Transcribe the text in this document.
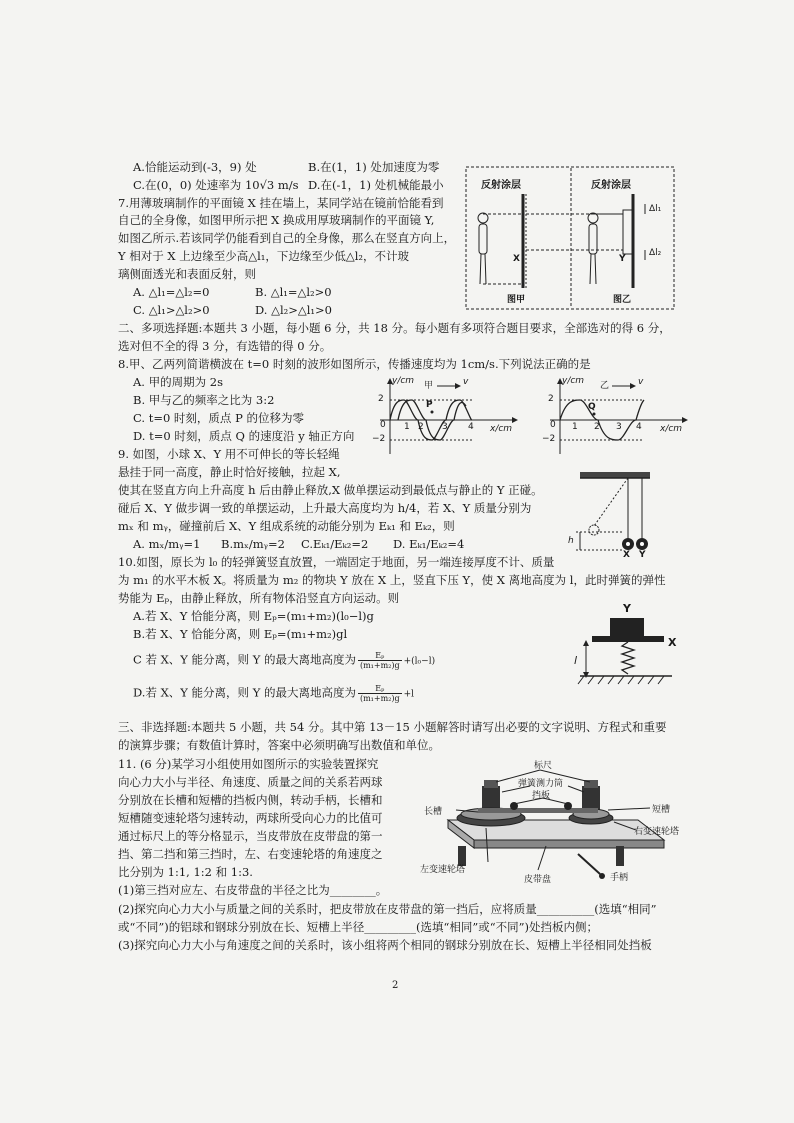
A.恰能运动到(-3，9) 处	B.在(1，1) 处加速度为零
C.在(0，0) 处速率为 10√3 m/s D.在(-1，1) 处机械能最小
7.用薄玻璃制作的平面镜 X 挂在墙上，某同学站在镜前恰能看到
自己的全身像，如图甲所示把 X 换成用厚玻璃制作的平面镜 Y,
如图乙所示.若该同学仍能看到自己的全身像，那么在竖直方向上，
Y 相对于 X 上边缘至少高△l₁，下边缘至少低△l₂，不计玻
璃侧面透光和表面反射，则
A. △l₁=△l₂=0	B. △l₁=△l₂>0
C. △l₁>△l₂>0	D. △l₂>△l₁>0
反射涂层	反射涂层
X	Y
Δl₁
Δl₂
图甲	图乙
二、多项选择题:本题共 3 小题，每小题 6 分，共 18 分。每小题有多项符合题目要求，全部选对的得 6 分，
选对但不全的得 3 分，有选错的得 0 分。
8.甲、乙两列简谐横波在 t=0 时刻的波形如图所示，传播速度均为 1cm/s.下列说法正确的是
A. 甲的周期为 2s
B. 甲与乙的频率之比为 3:2
C. t=0 时刻，质点 P 的位移为零
D. t=0 时刻，质点 Q 的速度沿 y 轴正方向
y/cm 甲	v
P
x/cm
2
−2
0 1 2 3 4
y/cm 乙	v
Q
x/cm
2
−2
0 1 2 3 4
9. 如图，小球 X、Y 用不可伸长的等长轻绳
悬挂于同一高度，静止时恰好接触，拉起 X,
使其在竖直方向上升高度 h 后由静止释放,X 做单摆运动到最低点与静止的 Y 正碰。
碰后 X、Y 做步调一致的单摆运动，上升最大高度均为 h/4，若 X、Y 质量分别为
mₓ 和 mᵧ，碰撞前后 X、Y 组成系统的动能分别为 Eₖ₁ 和 Eₖ₂，则
A. mₓ/mᵧ=1 B.mₓ/mᵧ=2 C.Eₖ₁/Eₖ₂=2 D. Eₖ₁/Eₖ₂=4	h
X Y
10.如图，原长为 l₀ 的轻弹簧竖直放置，一端固定于地面，另一端连接厚度不计、质量
为 m₁ 的水平木板 X。将质量为 m₂ 的物块 Y 放在 X 上，竖直下压 Y，使 X 离地高度为 l，此时弹簧的弹性
势能为 Eₚ，由静止释放，所有物体沿竖直方向运动。则
A.若 X、Y 恰能分离，则 Eₚ=(m₁+m₂)(l₀−l)g
B.若 X、Y 恰能分离，则 Eₚ=(m₁+m₂)gl
C 若 X、Y 能分离，则 Y 的最大离地高度为 $\frac{\text{Eₚ}}{\text{(m₁+m₂)g}} +(l_0-l)$
D.若 X、Y 能分离，则 Y 的最大离地高度为 $\frac{\text{Eₚ}}{\text{(m₁+m₂)g}} +l$
Y
X
l
三、非选择题:本题共 5 小题，共 54 分。其中第 13－15 小题解答时请写出必要的文字说明、方程式和重要
的演算步骤；有数值计算时，答案中必须明确写出数值和单位。
11. (6 分)某学习小组使用如图所示的实验装置探究
向心力大小与半径、角速度、质量之间的关系若两球
分别放在长槽和短槽的挡板内侧，转动手柄，长槽和
短槽随变速轮塔匀速转动，两球所受向心力的比值可
通过标尺上的等分格显示，当皮带放在皮带盘的第一
挡、第二挡和第三挡时，左、右变速轮塔的角速度之
比分别为 1:1, 1:2 和 1:3.
(1)第三挡对应左、右皮带盘的半径之比为________。
(2)探究向心力大小与质量之间的关系时，把皮带放在皮带盘的第一挡后，应将质量__________(选填“相同”
或“不同”)的铝球和钢球分别放在长、短槽上半径_________(选填“相同”或“不同”)处挡板内侧；
(3)探究向心力大小与角速度之间的关系时，该小组将两个相同的钢球分别放在长、短槽上半径相同处挡板
标尺
弹簧测力筒
挡板
长槽	短槽
右变速轮塔
左变速轮塔
皮带盘	手柄
2
